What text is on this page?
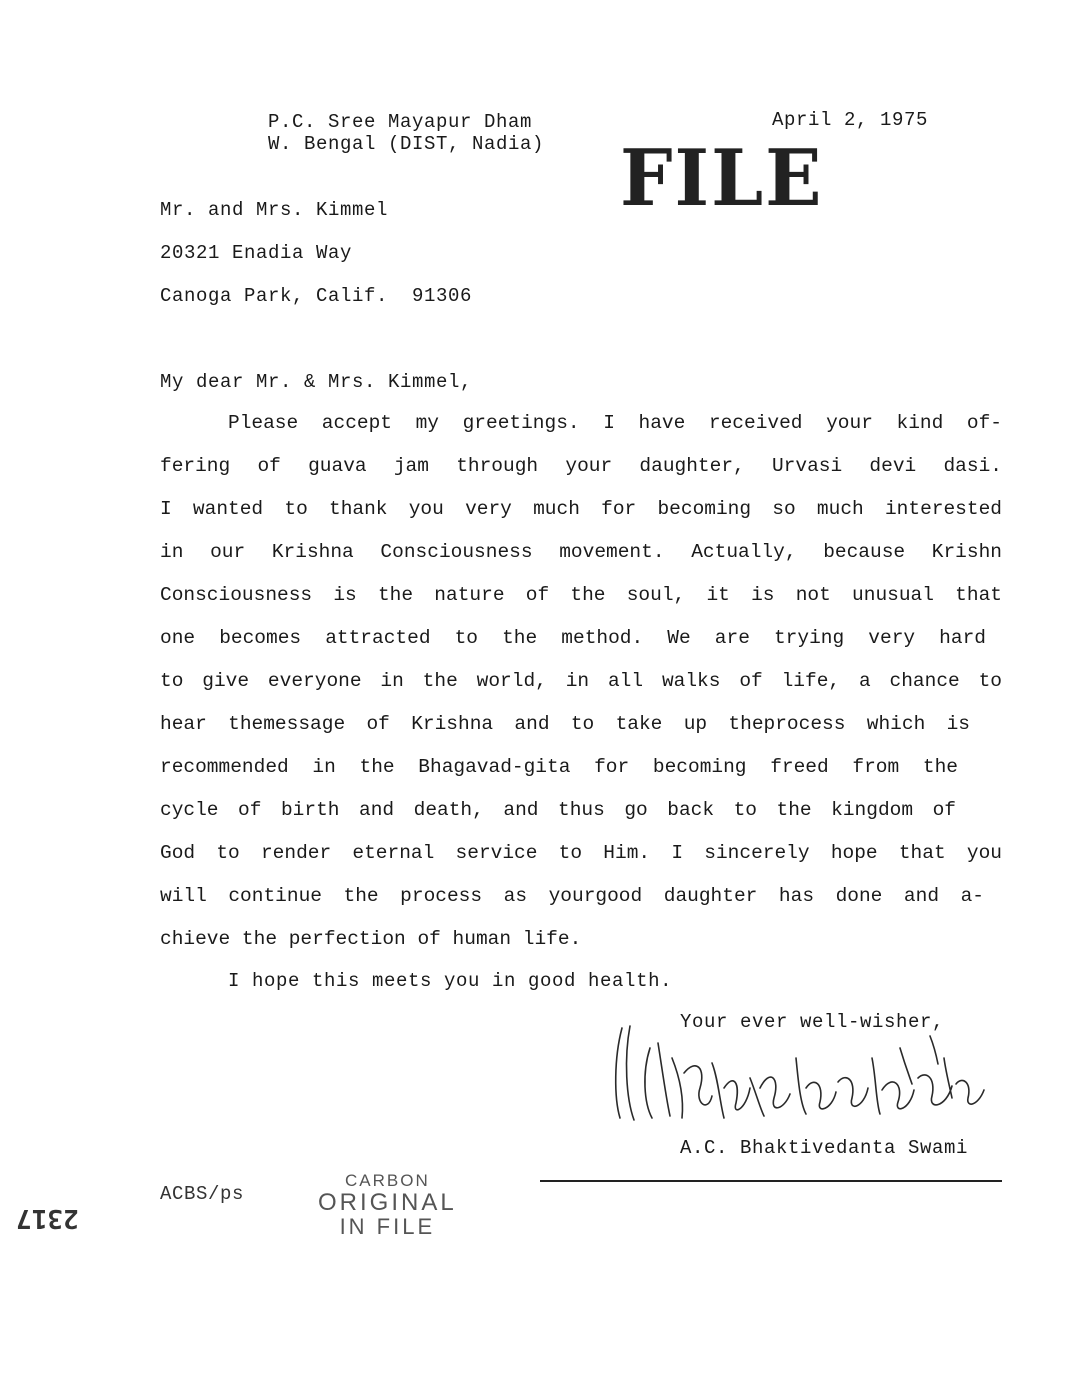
P.C. Sree Mayapur Dham
W. Bengal (DIST, Nadia)
April 2, 1975
FILE
Mr. and Mrs. Kimmel
20321 Enadia Way
Canoga Park, Calif.  91306
My dear Mr. & Mrs. Kimmel,
Please accept my greetings. I have received your kind of-
fering of guava jam through your daughter, Urvasi devi dasi.
I wanted to thank you very much for becoming so much interested
in our Krishna Consciousness movement. Actually, because Krishn
Consciousness is the nature of the soul, it is not unusual that
one becomes attracted to the method. We are trying very hard
to give everyone in the world, in all walks of life, a chance to
hear themessage of Krishna and to take up theprocess which is
recommended in the Bhagavad-gita for becoming freed from the
cycle of birth and death, and thus go back to the kingdom of
God to render eternal service to Him. I sincerely hope that you
will continue the process as yourgood daughter has done and a-
chieve the perfection of human life.
I hope this meets you in good health.
Your ever well-wisher,
A.C. Bhaktivedanta Swami
ACBS/ps
CARBON
ORIGINAL
IN FILE
2317
